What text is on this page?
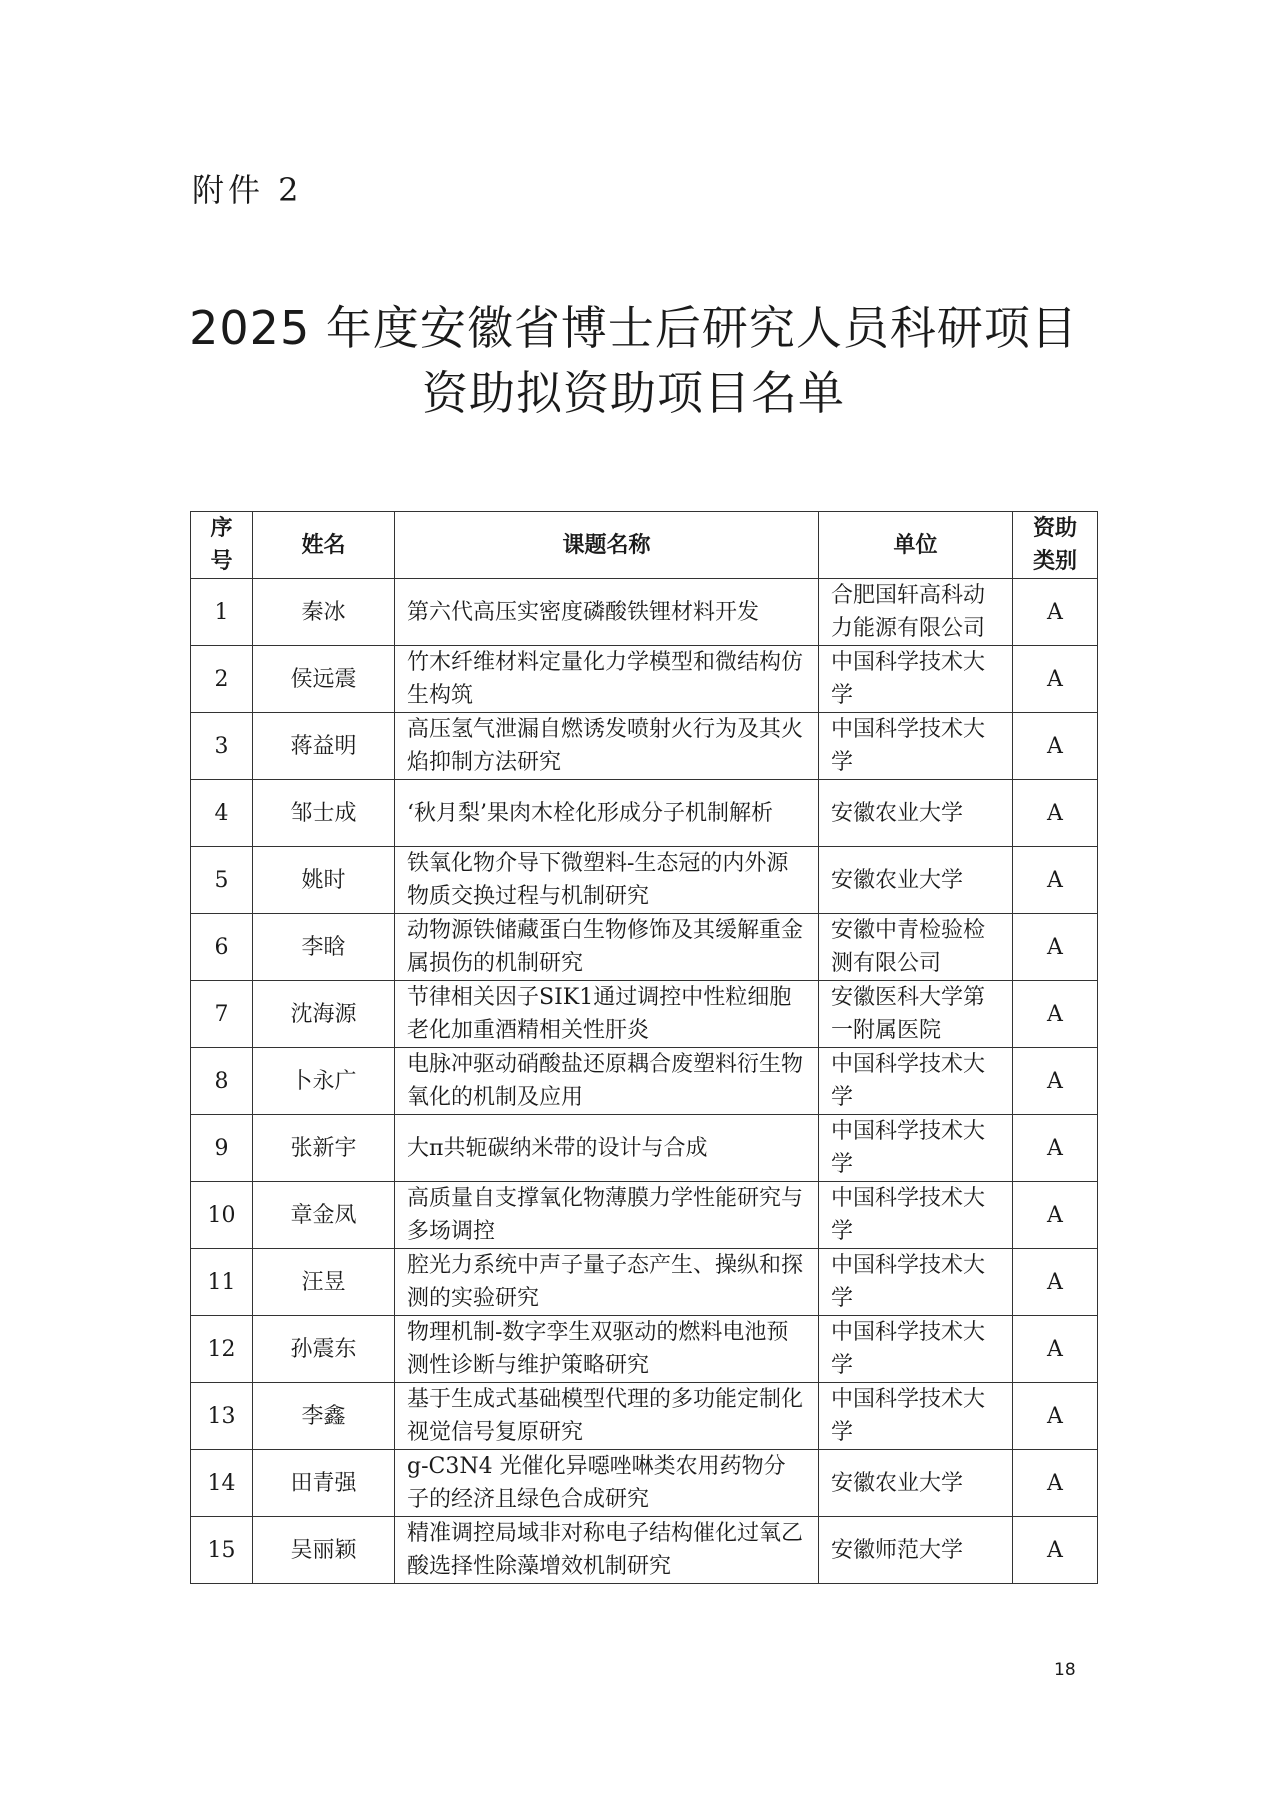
附件 2
2025 年度安徽省博士后研究人员科研项目
资助拟资助项目名单
序号	姓名	课题名称	单位	资助类别
1	秦冰	第六代高压实密度磷酸铁锂材料开发	合肥国轩高科动力能源有限公司	A
2	侯远震	竹木纤维材料定量化力学模型和微结构仿生构筑	中国科学技术大学	A
3	蒋益明	高压氢气泄漏自燃诱发喷射火行为及其火焰抑制方法研究	中国科学技术大学	A
4	邹士成	‘秋月梨’果肉木栓化形成分子机制解析	安徽农业大学	A
5	姚时	铁氧化物介导下微塑料-生态冠的内外源物质交换过程与机制研究	安徽农业大学	A
6	李晗	动物源铁储藏蛋白生物修饰及其缓解重金属损伤的机制研究	安徽中青检验检测有限公司	A
7	沈海源	节律相关因子SIK1通过调控中性粒细胞老化加重酒精相关性肝炎	安徽医科大学第一附属医院	A
8	卜永广	电脉冲驱动硝酸盐还原耦合废塑料衍生物氧化的机制及应用	中国科学技术大学	A
9	张新宇	大π共轭碳纳米带的设计与合成	中国科学技术大学	A
10	章金凤	高质量自支撑氧化物薄膜力学性能研究与多场调控	中国科学技术大学	A
11	汪昱	腔光力系统中声子量子态产生、操纵和探测的实验研究	中国科学技术大学	A
12	孙震东	物理机制-数字孪生双驱动的燃料电池预测性诊断与维护策略研究	中国科学技术大学	A
13	李鑫	基于生成式基础模型代理的多功能定制化视觉信号复原研究	中国科学技术大学	A
14	田青强	g-C3N4 光催化异噁唑啉类农用药物分子的经济且绿色合成研究	安徽农业大学	A
15	吴丽颖	精准调控局域非对称电子结构催化过氧乙酸选择性除藻增效机制研究	安徽师范大学	A
18
